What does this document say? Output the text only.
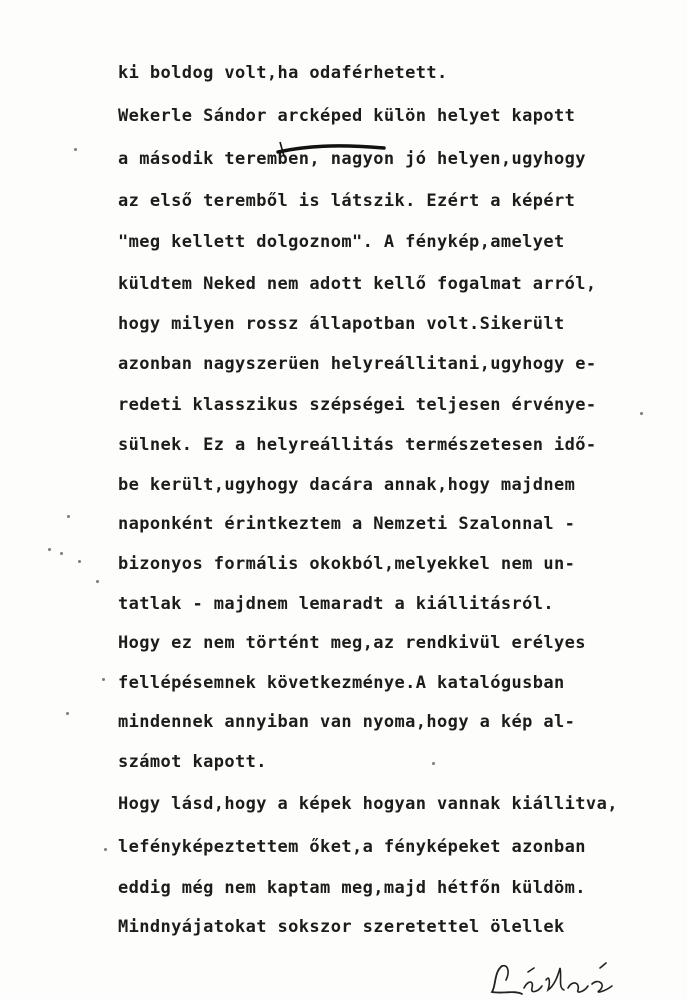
ki boldog volt,ha odaférhetett.
Wekerle Sándor arcképed külön helyet kapott
a második teremben, nagyon jó helyen,ugyhogy
az első teremből is látszik. Ezért a képért
"meg kellett dolgoznom". A fénykép,amelyet
küldtem Neked nem adott kellő fogalmat arról,
hogy milyen rossz állapotban volt.Sikerült
azonban nagyszerüen helyreállitani,ugyhogy e-
redeti klasszikus szépségei teljesen érvénye-
sülnek. Ez a helyreállitás természetesen idő-
be került,ugyhogy dacára annak,hogy majdnem
naponként érintkeztem a Nemzeti Szalonnal -
bizonyos formális okokból,melyekkel nem un-
tatlak - majdnem lemaradt a kiállitásról.
Hogy ez nem történt meg,az rendkivül erélyes
fellépésemnek következménye.A katalógusban
mindennek annyiban van nyoma,hogy a kép al-
számot kapott.
Hogy lásd,hogy a képek hogyan vannak kiállitva,
lefényképeztettem őket,a fényképeket azonban
eddig még nem kaptam meg,majd hétfőn küldöm.
Mindnyájatokat sokszor szeretettel ölellek
